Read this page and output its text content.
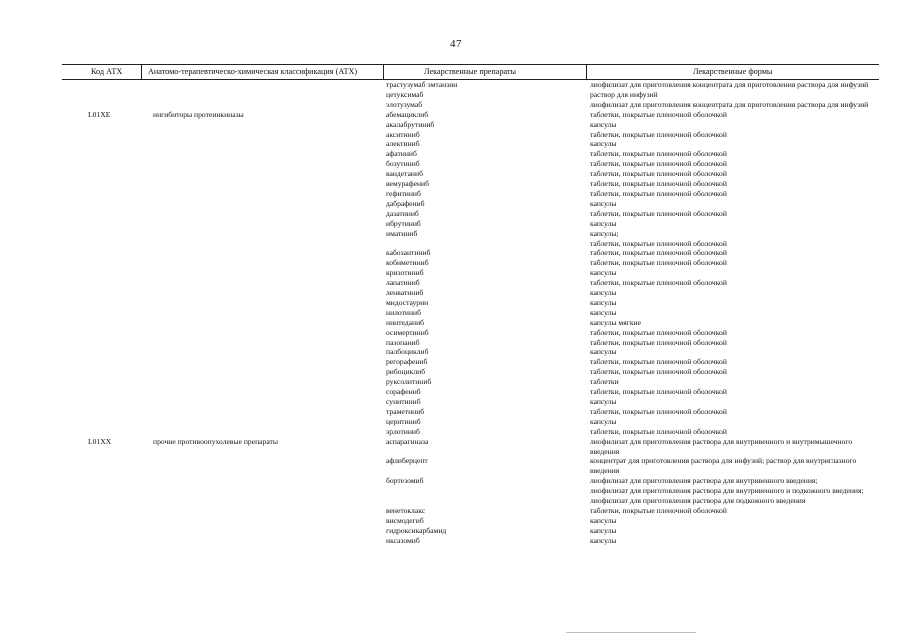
47
Код АТХ	Анатомо-терапевтическо-химическая классификация (АТХ)	Лекарственные препараты	Лекарственные формы
трастузумаб эмтанзин	лиофилизат для приготовления концентрата для приготовления раствора для инфузий
цетуксимаб	раствор для инфузий
элотузумаб	лиофилизат для приготовления концентрата для приготовления раствора для инфузий
L01XE	ингибиторы протеинкиназы	абемациклиб	таблетки, покрытые пленочной оболочкой
акалабрутиниб	капсулы
акситиниб	таблетки, покрытые пленочной оболочкой
алектиниб	капсулы
афатиниб	таблетки, покрытые пленочной оболочкой
бозутиниб	таблетки, покрытые пленочной оболочкой
вандетаниб	таблетки, покрытые пленочной оболочкой
вемурафениб	таблетки, покрытые пленочной оболочкой
гефитиниб	таблетки, покрытые пленочной оболочкой
дабрафениб	капсулы
дазатиниб	таблетки, покрытые пленочной оболочкой
ибрутиниб	капсулы
иматиниб	капсулы;
таблетки, покрытые пленочной оболочкой
кабозантиниб	таблетки, покрытые пленочной оболочкой
кобиметиниб	таблетки, покрытые пленочной оболочкой
кризотиниб	капсулы
лапатиниб	таблетки, покрытые пленочной оболочкой
ленватиниб	капсулы
мидостаурин	капсулы
нилотиниб	капсулы
нинтеданиб	капсулы мягкие
осимертиниб	таблетки, покрытые пленочной оболочкой
пазопаниб	таблетки, покрытые пленочной оболочкой
палбоциклиб	капсулы
регорафениб	таблетки, покрытые пленочной оболочкой
рибоциклиб	таблетки, покрытые пленочной оболочкой
руксолитиниб	таблетки
сорафениб	таблетки, покрытые пленочной оболочкой
сунитиниб	капсулы
траметиниб	таблетки, покрытые пленочной оболочкой
церитиниб	капсулы
эрлотиниб	таблетки, покрытые пленочной оболочкой
L01XX	прочие противоопухолевые препараты	аспарагиназа	лиофилизат для приготовления раствора для внутривенного и внутримышечного введения
афлиберцепт	концентрат для приготовления раствора для инфузий; раствор для внутриглазного введения
бортезомиб	лиофилизат для приготовления раствора для внутривенного введения;
лиофилизат для приготовления раствора для внутривенного и подкожного введения;
лиофилизат для приготовления раствора для подкожного введения
венетоклакс	таблетки, покрытые пленочной оболочкой
висмодегиб	капсулы
гидроксикарбамид	капсулы
иксазомиб	капсулы
